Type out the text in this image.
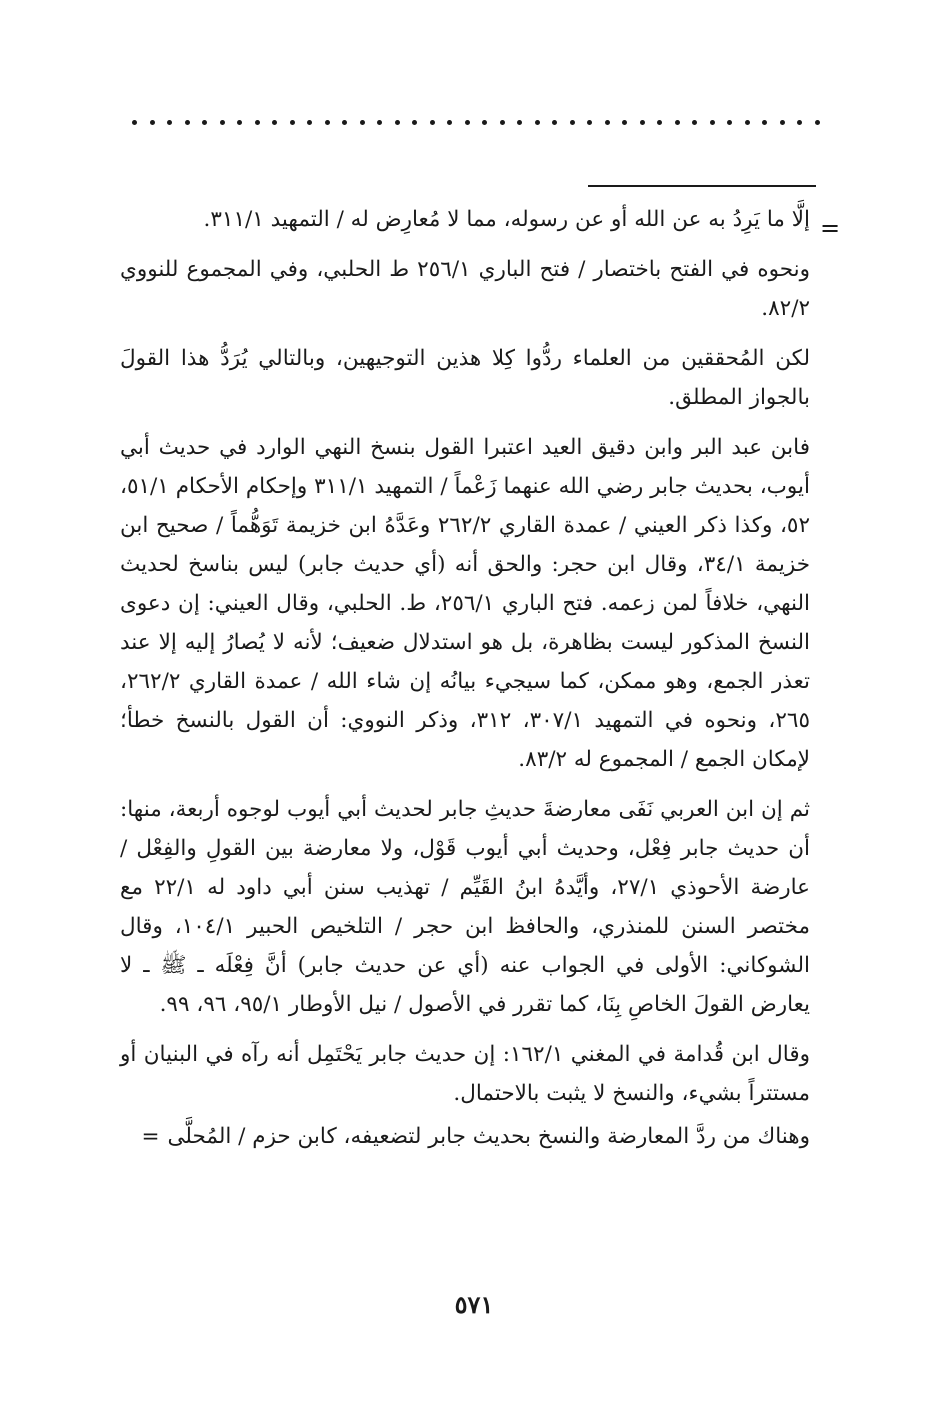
=

إلَّا ما يَرِدُ به عن الله أو عن رسوله، مما لا مُعارِض له / التمهيد ٣١١/١.

ونحوه في الفتح باختصار / فتح الباري ٢٥٦/١ ط الحلبي، وفي المجموع للنووي ٨٢/٢.

لكن المُحققين من العلماء ردُّوا كِلا هذين التوجيهين، وبالتالي يُرَدُّ هذا القولَ بالجواز المطلق.

فابن عبد البر وابن دقيق العيد اعتبرا القول بنسخ النهي الوارد في حديث أبي أيوب، بحديث جابر رضي الله عنهما زَعْماً / التمهيد ٣١١/١ وإحكام الأحكام ٥١/١، ٥٢، وكذا ذكر العيني / عمدة القاري ٢٦٢/٢ وعَدَّهُ ابن خزيمة تَوَهُّماً / صحيح ابن خزيمة ٣٤/١، وقال ابن حجر: والحق أنه (أي حديث جابر) ليس بناسخ لحديث النهي، خلافاً لمن زعمه. فتح الباري ٢٥٦/١، ط. الحلبي، وقال العيني: إن دعوى النسخ المذكور ليست بظاهرة، بل هو استدلال ضعيف؛ لأنه لا يُصارُ إليه إلا عند تعذر الجمع، وهو ممكن، كما سيجيء بيانُه إن شاء الله / عمدة القاري ٢٦٢/٢، ٢٦٥، ونحوه في التمهيد ٣٠٧/١، ٣١٢، وذكر النووي: أن القول بالنسخ خطأ؛ لإمكان الجمع / المجموع له ٨٣/٢.

ثم إن ابن العربي نَفَى معارضةَ حديثِ جابر لحديث أبي أيوب لوجوه أربعة، منها: أن حديث جابر فِعْل، وحديث أبي أيوب قَوْل، ولا معارضة بين القولِ والفِعْل / عارضة الأحوذي ٢٧/١، وأيَّدهُ ابنُ القَيِّم / تهذيب سنن أبي داود له ٢٢/١ مع مختصر السنن للمنذري، والحافظ ابن حجر / التلخيص الحبير ١٠٤/١، وقال الشوكاني: الأولى في الجواب عنه (أي عن حديث جابر) أنَّ فِعْلَه ـ ﷺ ـ لا يعارض القولَ الخاصِ بِنَا، كما تقرر في الأصول / نيل الأوطار ٩٥/١، ٩٦، ٩٩.

وقال ابن قُدامة في المغني ١٦٢/١: إن حديث جابر يَحْتَمِل أنه رآه في البنيان أو مستتراً بشيء، والنسخ لا يثبت بالاحتمال.

وهناك من ردَّ المعارضة والنسخ بحديث جابر لتضعيفه، كابن حزم / المُحلَّى=

٥٧١
